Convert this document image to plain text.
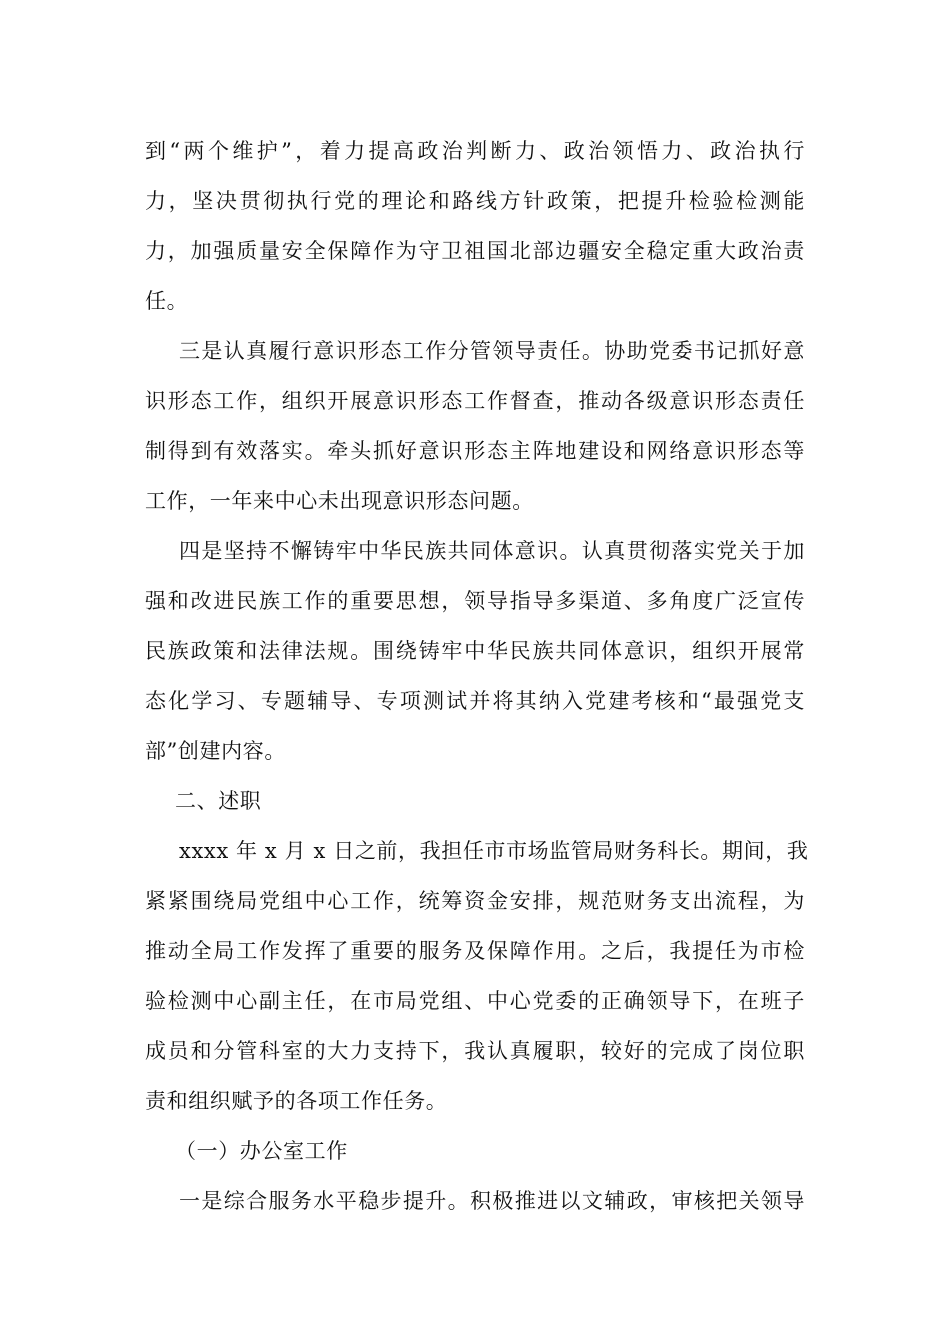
到“两个维护”，着力提高政治判断力、政治领悟力、政治执行
力，坚决贯彻执行党的理论和路线方针政策，把提升检验检测能
力，加强质量安全保障作为守卫祖国北部边疆安全稳定重大政治责
任。
三是认真履行意识形态工作分管领导责任。协助党委书记抓好意
识形态工作，组织开展意识形态工作督查，推动各级意识形态责任
制得到有效落实。牵头抓好意识形态主阵地建设和网络意识形态等
工作，一年来中心未出现意识形态问题。
四是坚持不懈铸牢中华民族共同体意识。认真贯彻落实党关于加
强和改进民族工作的重要思想，领导指导多渠道、多角度广泛宣传
民族政策和法律法规。围绕铸牢中华民族共同体意识，组织开展常
态化学习、专题辅导、专项测试并将其纳入党建考核和“最强党支
部”创建内容。
二、述职
xxxx 年 x 月 x 日之前，我担任市市场监管局财务科长。期间，我
紧紧围绕局党组中心工作，统筹资金安排，规范财务支出流程，为
推动全局工作发挥了重要的服务及保障作用。之后，我提任为市检
验检测中心副主任，在市局党组、中心党委的正确领导下，在班子
成员和分管科室的大力支持下，我认真履职，较好的完成了岗位职
责和组织赋予的各项工作任务。
（一）办公室工作
一是综合服务水平稳步提升。积极推进以文辅政，审核把关领导
